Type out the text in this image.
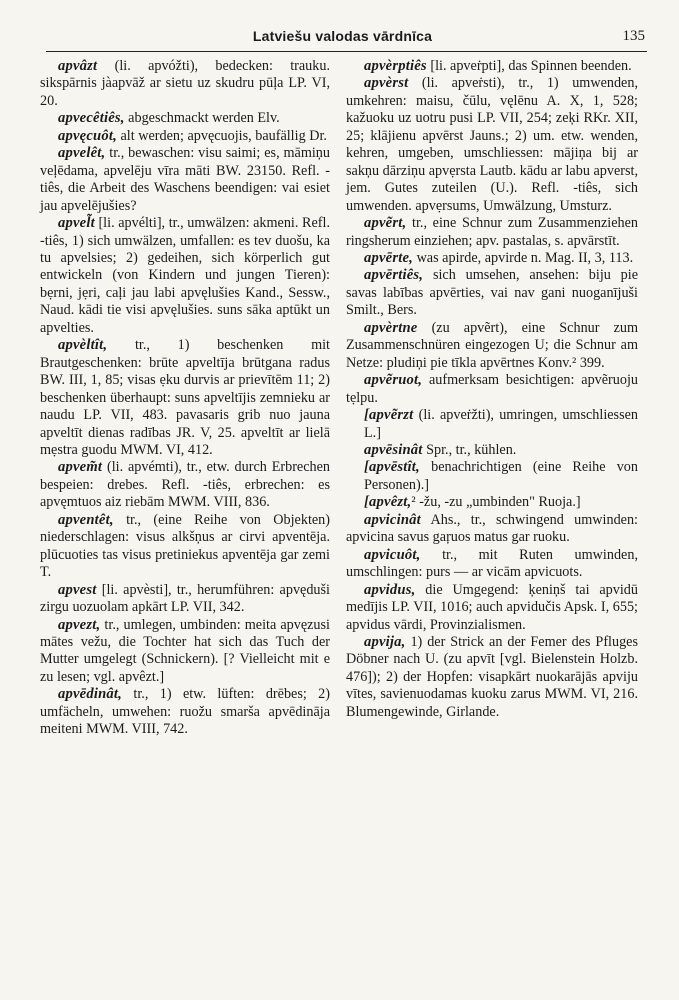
Latviešu valodas vārdnīca	135

apvâzt (li. apvóžti), bedecken: trauku. sikspārnis jàapvāž ar sietu uz skudru pūļa LP. VI, 20.

apvecêtiês, abgeschmackt werden Elv.

apvęcuôt, alt werden; apvęcuojis, baufällig Dr.

apvelêt, tr., bewaschen: visu saimi; es, māmiņu veļēdama, apvelēju vīra māti BW. 23150. Refl. -tiês, die Arbeit des Waschens beendigen: vai esiet jau apvelējušies?

apvel̃t [li. apvélti], tr., umwälzen: akmeni. Refl. -tiês, 1) sich umwälzen, umfallen: es tev duošu, ka tu apvelsies; 2) gedeihen, sich körperlich gut entwickeln (von Kindern und jungen Tieren): bẹrni, jẹri, caļi jau labi apvęlušies Kand., Sessw., Naud. kādi tie visi apvęlušies. suns sāka aptūkt un apvelties.

apvèltît, tr., 1) beschenken mit Brautgeschenken: brūte apveltīja brūtgana radus BW. III, 1, 85; visas ẹku durvis ar prievītēm 11; 2) beschenken überhaupt: suns apveltījis zemnieku ar naudu LP. VII, 483. pavasaris grib nuo jauna apveltīt dienas radības JR. V, 25. apveltīt ar lielā mẹstra guodu MWM. VI, 412.

apvem̃t (li. apvémti), tr., etw. durch Erbrechen bespeien: drebes. Refl. -tiês, erbrechen: es apvęmtuos aiz riebām MWM. VIII, 836.

apventêt, tr., (eine Reihe von Objekten) niederschlagen: visus alkšņus ar cirvi apventēja. plūcuoties tas visus pretiniekus apventēja gar zemi T.

apvest [li. apvèsti], tr., herumführen: apvęduši zirgu uozuolam apkārt LP. VII, 342.

apvezt, tr., umlegen, umbinden: meita apvęzusi mātes vežu, die Tochter hat sich das Tuch der Mutter umgelegt (Schnickern). [? Vielleicht mit e zu lesen; vgl. apvêzt.]

apvēdinât, tr., 1) etw. lüften: drēbes; 2) umfächeln, umwehen: ruožu smarša apvēdināja meiteni MWM. VIII, 742.

apvèrptiês [li. apveṙpti], das Spinnen beenden.

apvèrst (li. apveṙsti), tr., 1) umwenden, umkehren: maisu, čūlu, vęlēnu A. X, 1, 528; kažuoku uz uotru pusi LP. VII, 254; zeķi RKr. XII, 25; klājienu apvērst Jauns.; 2) um. etw. wenden, kehren, umgeben, umschliessen: mājiņa bij ar sakņu dārziņu apvẹrsta Lautb. kādu ar labu apverst, jem. Gutes zuteilen (U.). Refl. -tiês, sich umwenden. apvẹrsums, Umwälzung, Umsturz.

apvẽrt, tr., eine Schnur zum Zusammenziehen ringsherum einziehen; apv. pastalas, s. apvārstīt.

apvērte, was apirde, apvirde n. Mag. II, 3, 113.

apvērtiês, sich umsehen, ansehen: biju pie savas labības apvērties, vai nav gani nuoganījuši Smilt., Bers.

apvèrtne (zu apvẽrt), eine Schnur zum Zusammenschnüren eingezogen U; die Schnur am Netze: pludiņi pie tīkla apvērtnes Konv.² 399.

apvẽruot, aufmerksam besichtigen: apvẽruoju tẹlpu.

[apvẽrzt (li. apveṙžti), umringen, umschliessen L.]

apvēsinât Spr., tr., kühlen.

[apvēstît, benachrichtigen (eine Reihe von Personen).]

[apvêzt,² -žu, -zu „umbinden" Ruoja.]

apvicinât Ahs., tr., schwingend umwinden: apvicina savus gaŗuos matus gar ruoku.

apvicuôt, tr., mit Ruten umwinden, umschlingen: purs — ar vicām apvicuots.

apvidus, die Umgegend: ķeniņš tai apvidū medījis LP. VII, 1016; auch apvidučis Apsk. I, 655; apvidus vārdi, Provinzialismen.

apvija, 1) der Strick an der Femer des Pfluges Döbner nach U. (zu apvīt [vgl. Bielenstein Holzb. 476]); 2) der Hopfen: visapkārt nuokarājās apviju vītes, savienuodamas kuoku zarus MWM. VI, 216. Blumengewinde, Girlande.
